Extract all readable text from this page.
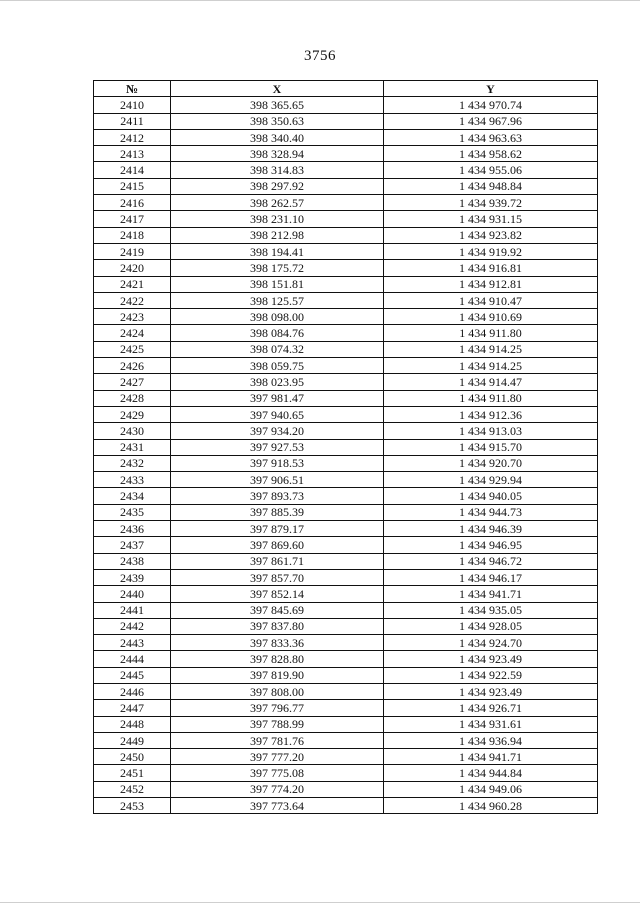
3756
№	X	Y
2410	398 365.65	1 434 970.74
2411	398 350.63	1 434 967.96
2412	398 340.40	1 434 963.63
2413	398 328.94	1 434 958.62
2414	398 314.83	1 434 955.06
2415	398 297.92	1 434 948.84
2416	398 262.57	1 434 939.72
2417	398 231.10	1 434 931.15
2418	398 212.98	1 434 923.82
2419	398 194.41	1 434 919.92
2420	398 175.72	1 434 916.81
2421	398 151.81	1 434 912.81
2422	398 125.57	1 434 910.47
2423	398 098.00	1 434 910.69
2424	398 084.76	1 434 911.80
2425	398 074.32	1 434 914.25
2426	398 059.75	1 434 914.25
2427	398 023.95	1 434 914.47
2428	397 981.47	1 434 911.80
2429	397 940.65	1 434 912.36
2430	397 934.20	1 434 913.03
2431	397 927.53	1 434 915.70
2432	397 918.53	1 434 920.70
2433	397 906.51	1 434 929.94
2434	397 893.73	1 434 940.05
2435	397 885.39	1 434 944.73
2436	397 879.17	1 434 946.39
2437	397 869.60	1 434 946.95
2438	397 861.71	1 434 946.72
2439	397 857.70	1 434 946.17
2440	397 852.14	1 434 941.71
2441	397 845.69	1 434 935.05
2442	397 837.80	1 434 928.05
2443	397 833.36	1 434 924.70
2444	397 828.80	1 434 923.49
2445	397 819.90	1 434 922.59
2446	397 808.00	1 434 923.49
2447	397 796.77	1 434 926.71
2448	397 788.99	1 434 931.61
2449	397 781.76	1 434 936.94
2450	397 777.20	1 434 941.71
2451	397 775.08	1 434 944.84
2452	397 774.20	1 434 949.06
2453	397 773.64	1 434 960.28
